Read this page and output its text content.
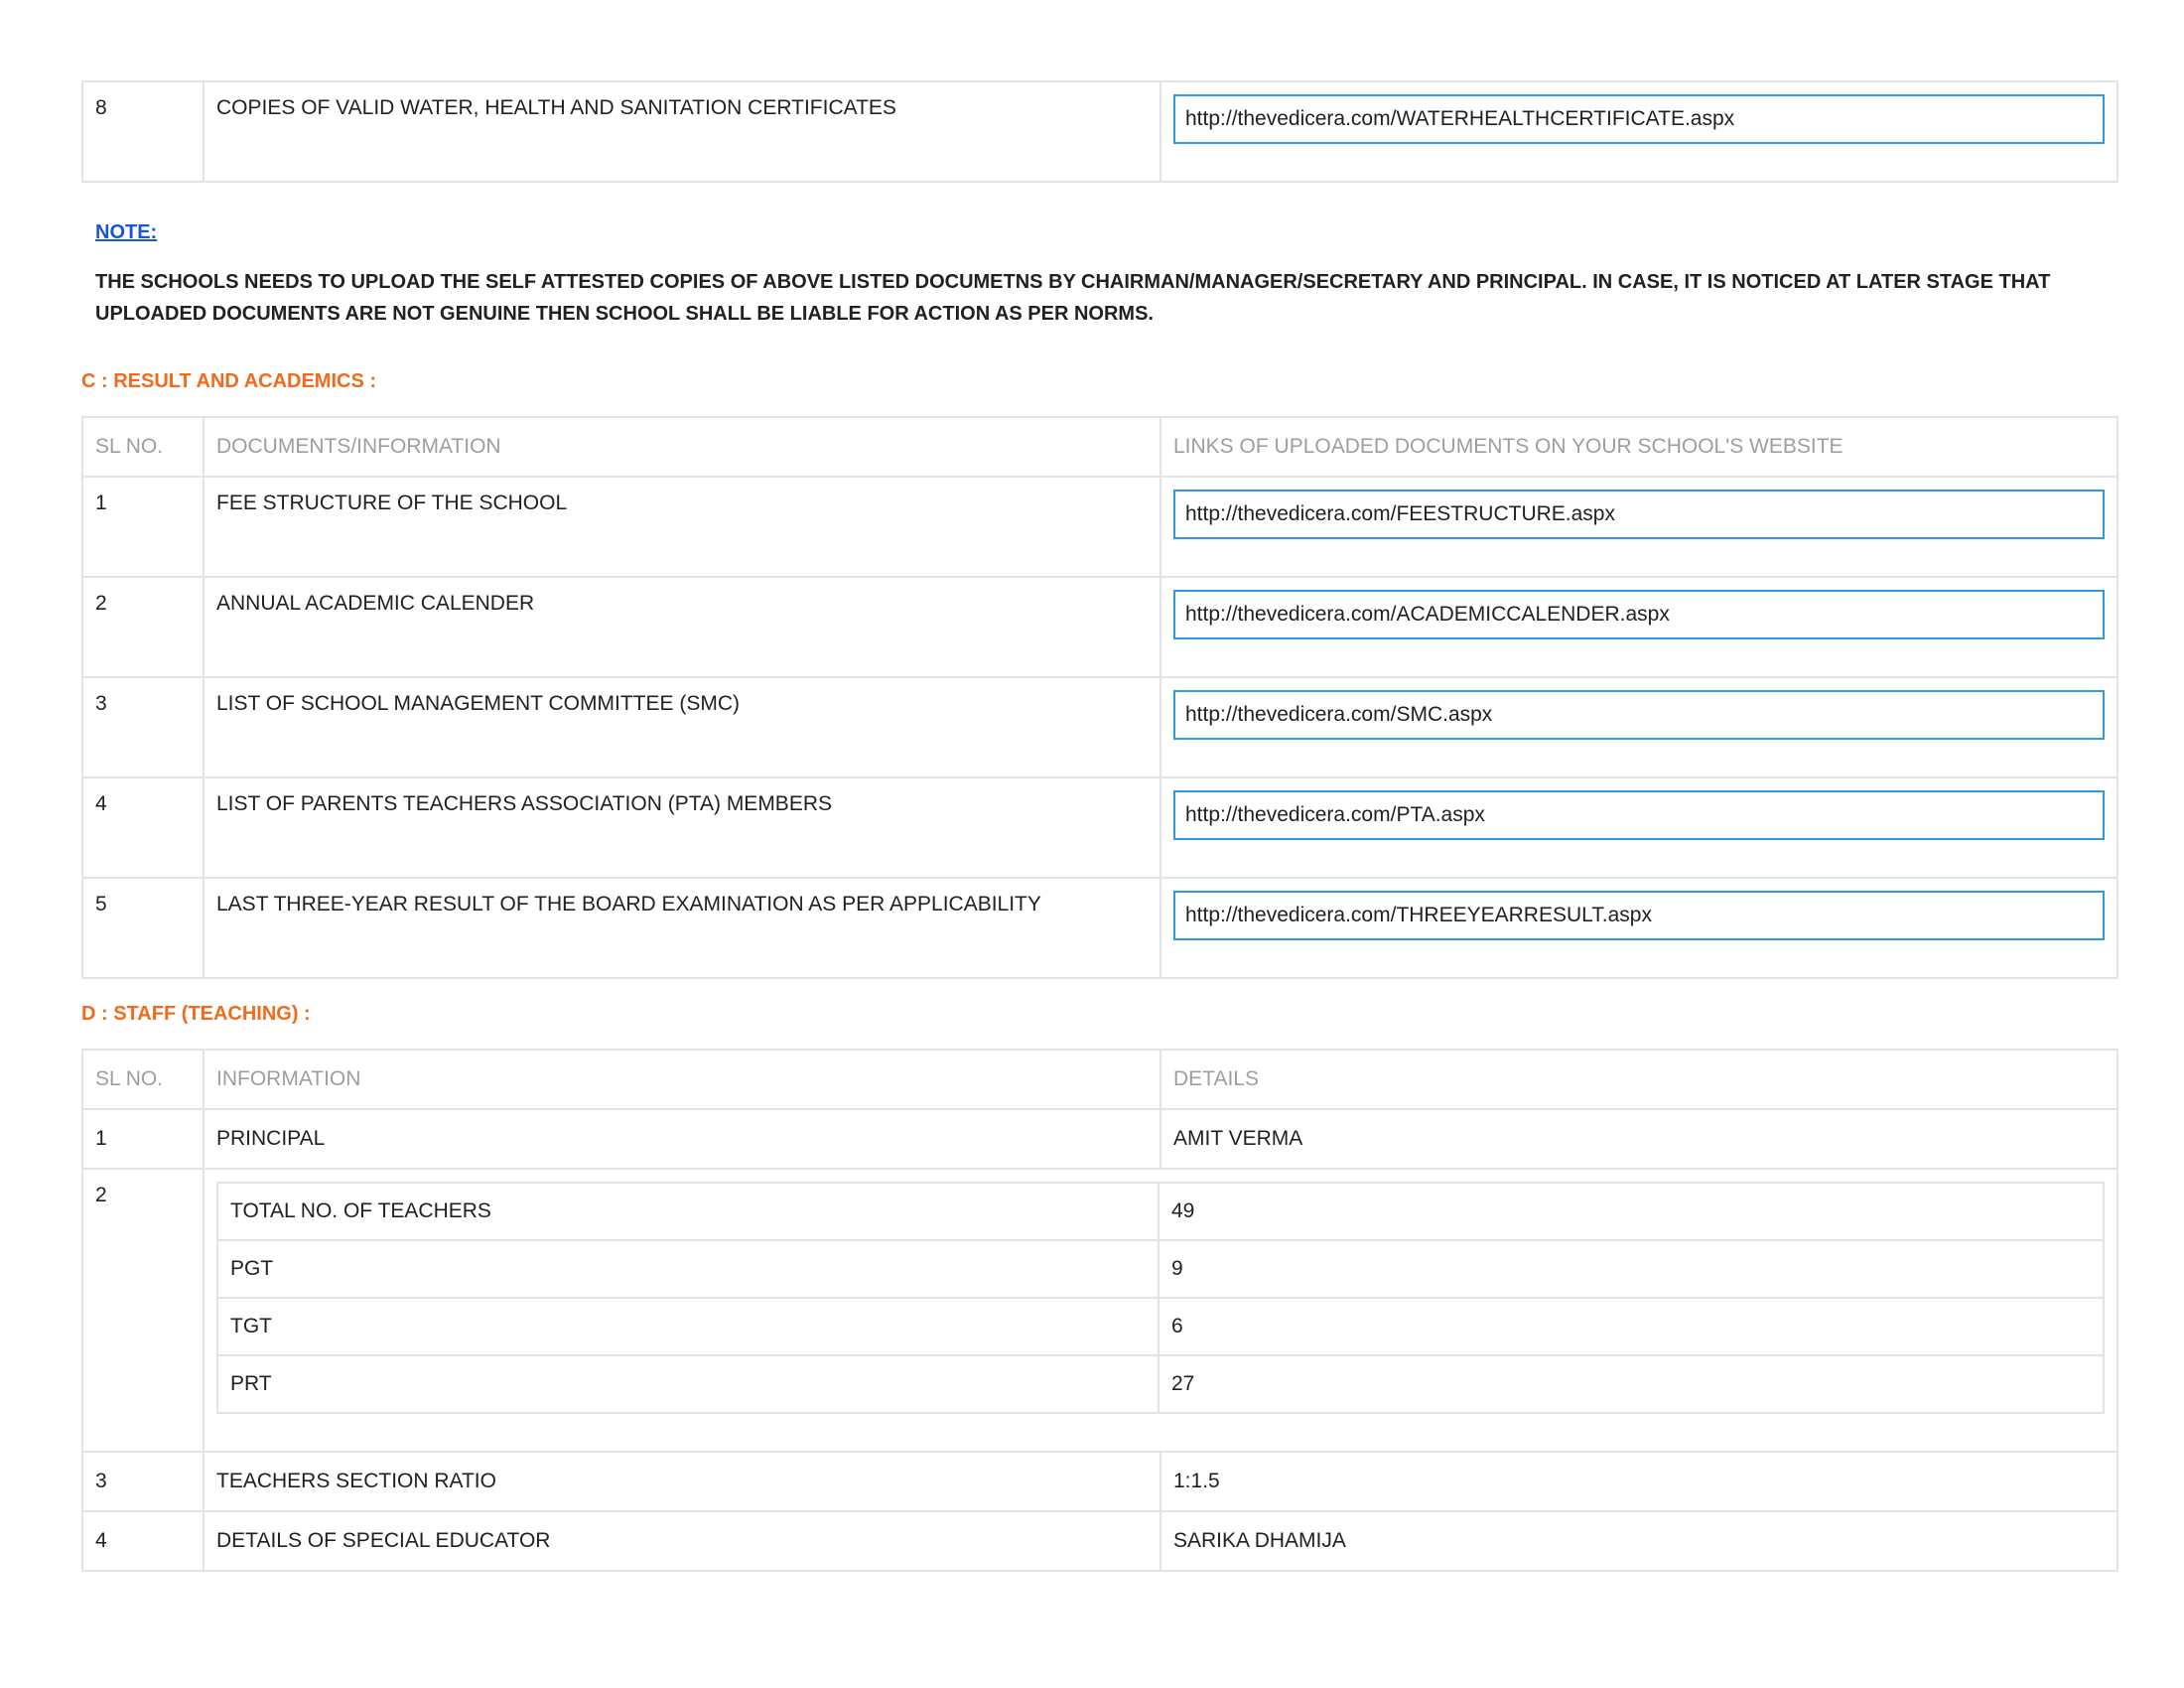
8	COPIES OF VALID WATER, HEALTH AND SANITATION CERTIFICATES	http://thevedicera.com/WATERHEALTHCERTIFICATE.aspx
NOTE:
THE SCHOOLS NEEDS TO UPLOAD THE SELF ATTESTED COPIES OF ABOVE LISTED DOCUMETNS BY CHAIRMAN/MANAGER/SECRETARY AND PRINCIPAL. IN CASE, IT IS NOTICED AT LATER STAGE THAT UPLOADED DOCUMENTS ARE NOT GENUINE THEN SCHOOL SHALL BE LIABLE FOR ACTION AS PER NORMS.
C : RESULT AND ACADEMICS :
SL NO.	DOCUMENTS/INFORMATION	LINKS OF UPLOADED DOCUMENTS ON YOUR SCHOOL'S WEBSITE
1	FEE STRUCTURE OF THE SCHOOL	http://thevedicera.com/FEESTRUCTURE.aspx

2	ANNUAL ACADEMIC CALENDER	http://thevedicera.com/ACADEMICCALENDER.aspx

3	LIST OF SCHOOL MANAGEMENT COMMITTEE (SMC)	http://thevedicera.com/SMC.aspx

4	LIST OF PARENTS TEACHERS ASSOCIATION (PTA) MEMBERS	http://thevedicera.com/PTA.aspx

5	LAST THREE-YEAR RESULT OF THE BOARD EXAMINATION AS PER APPLICABILITY	http://thevedicera.com/THREEYEARRESULT.aspx
D : STAFF (TEACHING) :
SL NO.	INFORMATION	DETAILS
1	PRINCIPAL	AMIT VERMA
2	
TOTAL NO. OF TEACHERS	49
PGT	9
TGT	6
PRT	27

3	TEACHERS SECTION RATIO	1:1.5
4	DETAILS OF SPECIAL EDUCATOR	SARIKA DHAMIJA
